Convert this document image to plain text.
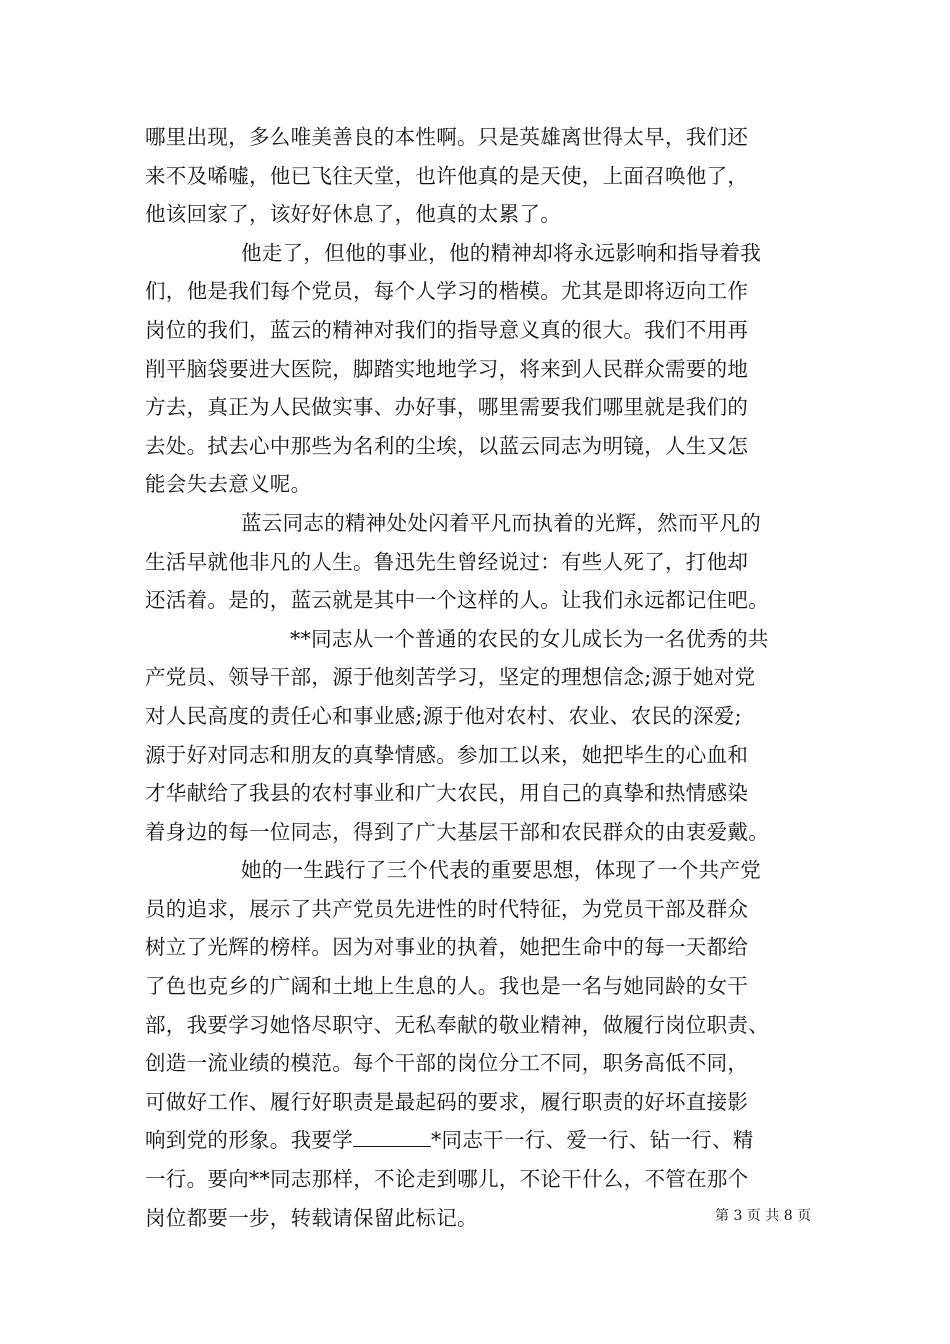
哪里出现，多么唯美善良的本性啊。只是英雄离世得太早，我们还
来不及唏嘘，他已飞往天堂，也许他真的是天使，上面召唤他了，
他该回家了，该好好休息了，他真的太累了。
他走了，但他的事业，他的精神却将永远影响和指导着我
们，他是我们每个党员，每个人学习的楷模。尤其是即将迈向工作
岗位的我们，蓝云的精神对我们的指导意义真的很大。我们不用再
削平脑袋要进大医院，脚踏实地地学习，将来到人民群众需要的地
方去，真正为人民做实事、办好事，哪里需要我们哪里就是我们的
去处。拭去心中那些为名利的尘埃，以蓝云同志为明镜，人生又怎
能会失去意义呢。
蓝云同志的精神处处闪着平凡而执着的光辉，然而平凡的
生活早就他非凡的人生。鲁迅先生曾经说过：有些人死了，打他却
还活着。是的，蓝云就是其中一个这样的人。让我们永远都记住吧。
**同志从一个普通的农民的女儿成长为一名优秀的共
产党员、领导干部，源于他刻苦学习，坚定的理想信念;源于她对党
对人民高度的责任心和事业感;源于他对农村、农业、农民的深爱;
源于好对同志和朋友的真挚情感。参加工以来，她把毕生的心血和
才华献给了我县的农村事业和广大农民，用自己的真挚和热情感染
着身边的每一位同志，得到了广大基层干部和农民群众的由衷爱戴。
她的一生践行了三个代表的重要思想，体现了一个共产党
员的追求，展示了共产党员先进性的时代特征，为党员干部及群众
树立了光辉的榜样。因为对事业的执着，她把生命中的每一天都给
了色也克乡的广阔和土地上生息的人。我也是一名与她同龄的女干
部，我要学习她恪尽职守、无私奉献的敬业精神，做履行岗位职责、
创造一流业绩的模范。每个干部的岗位分工不同，职务高低不同，
可做好工作、履行好职责是最起码的要求，履行职责的好坏直接影
响到党的形象。我要学	*同志干一行、爱一行、钻一行、精
一行。要向**同志那样，不论走到哪儿，不论干什么，不管在那个
岗位都要一步，转载请保留此标记。	第 3 页 共 8 页
